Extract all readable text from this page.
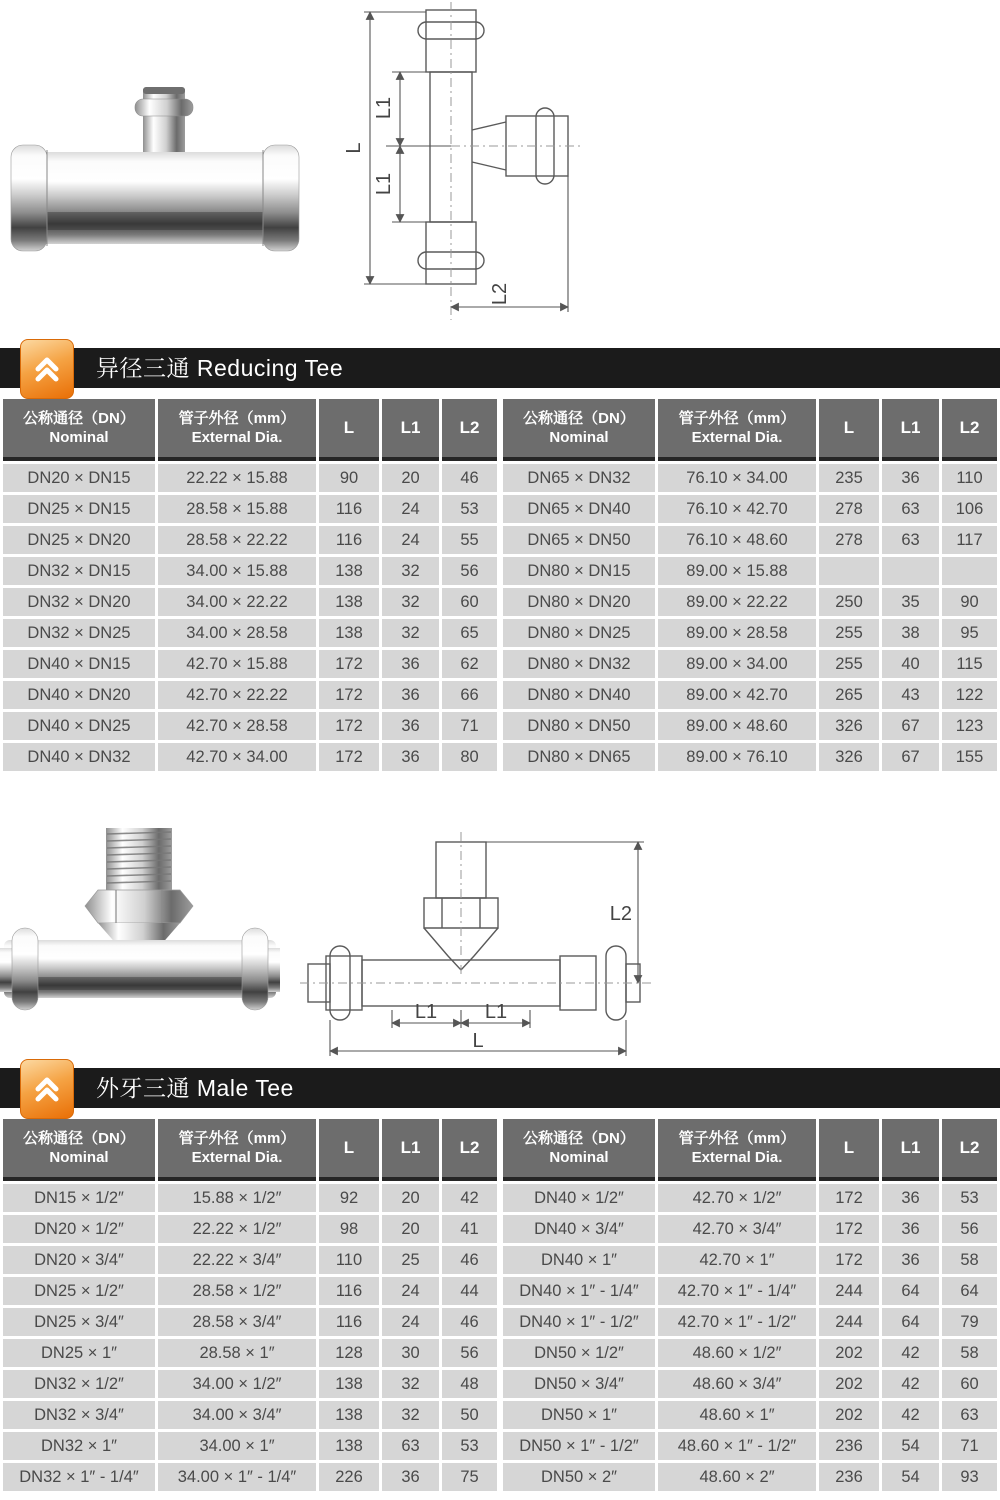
L1
L
L1
L2
异径三通 Reducing Tee
公称通径（DN）
Nominal	管子外径（mm）
External Dia.	L	L1	L2
DN20 × DN15	22.22 × 15.88	90	20	46
DN25 × DN15	28.58 × 15.88	116	24	53
DN25 × DN20	28.58 × 22.22	116	24	55
DN32 × DN15	34.00 × 15.88	138	32	56
DN32 × DN20	34.00 × 22.22	138	32	60
DN32 × DN25	34.00 × 28.58	138	32	65
DN40 × DN15	42.70 × 15.88	172	36	62
DN40 × DN20	42.70 × 22.22	172	36	66
DN40 × DN25	42.70 × 28.58	172	36	71
DN40 × DN32	42.70 × 34.00	172	36	80
公称通径（DN）
Nominal	管子外径（mm）
External Dia.	L	L1	L2
DN65 × DN32	76.10 × 34.00	235	36	110
DN65 × DN40	76.10 × 42.70	278	63	106
DN65 × DN50	76.10 × 48.60	278	63	117
DN80 × DN15	89.00 × 15.88			
DN80 × DN20	89.00 × 22.22	250	35	90
DN80 × DN25	89.00 × 28.58	255	38	95
DN80 × DN32	89.00 × 34.00	255	40	115
DN80 × DN40	89.00 × 42.70	265	43	122
DN80 × DN50	89.00 × 48.60	326	67	123
DN80 × DN65	89.00 × 76.10	326	67	155
L2
L1 L1
L
外牙三通 Male Tee
公称通径（DN）
Nominal	管子外径（mm）
External Dia.	L	L1	L2
DN15 × 1/2″	15.88 × 1/2″	92	20	42
DN20 × 1/2″	22.22 × 1/2″	98	20	41
DN20 × 3/4″	22.22 × 3/4″	110	25	46
DN25 × 1/2″	28.58 × 1/2″	116	24	44
DN25 × 3/4″	28.58 × 3/4″	116	24	46
DN25 × 1″	28.58 × 1″	128	30	56
DN32 × 1/2″	34.00 × 1/2″	138	32	48
DN32 × 3/4″	34.00 × 3/4″	138	32	50
DN32 × 1″	34.00 × 1″	138	63	53
DN32 × 1″ - 1/4″	34.00 × 1″ - 1/4″	226	36	75
公称通径（DN）
Nominal	管子外径（mm）
External Dia.	L	L1	L2
DN40 × 1/2″	42.70 × 1/2″	172	36	53
DN40 × 3/4″	42.70 × 3/4″	172	36	56
DN40 × 1″	42.70 × 1″	172	36	58
DN40 × 1″ - 1/4″	42.70 × 1″ - 1/4″	244	64	64
DN40 × 1″ - 1/2″	42.70 × 1″ - 1/2″	244	64	79
DN50 × 1/2″	48.60 × 1/2″	202	42	58
DN50 × 3/4″	48.60 × 3/4″	202	42	60
DN50 × 1″	48.60 × 1″	202	42	63
DN50 × 1″ - 1/2″	48.60 × 1″ - 1/2″	236	54	71
DN50 × 2″	48.60 × 2″	236	54	93
